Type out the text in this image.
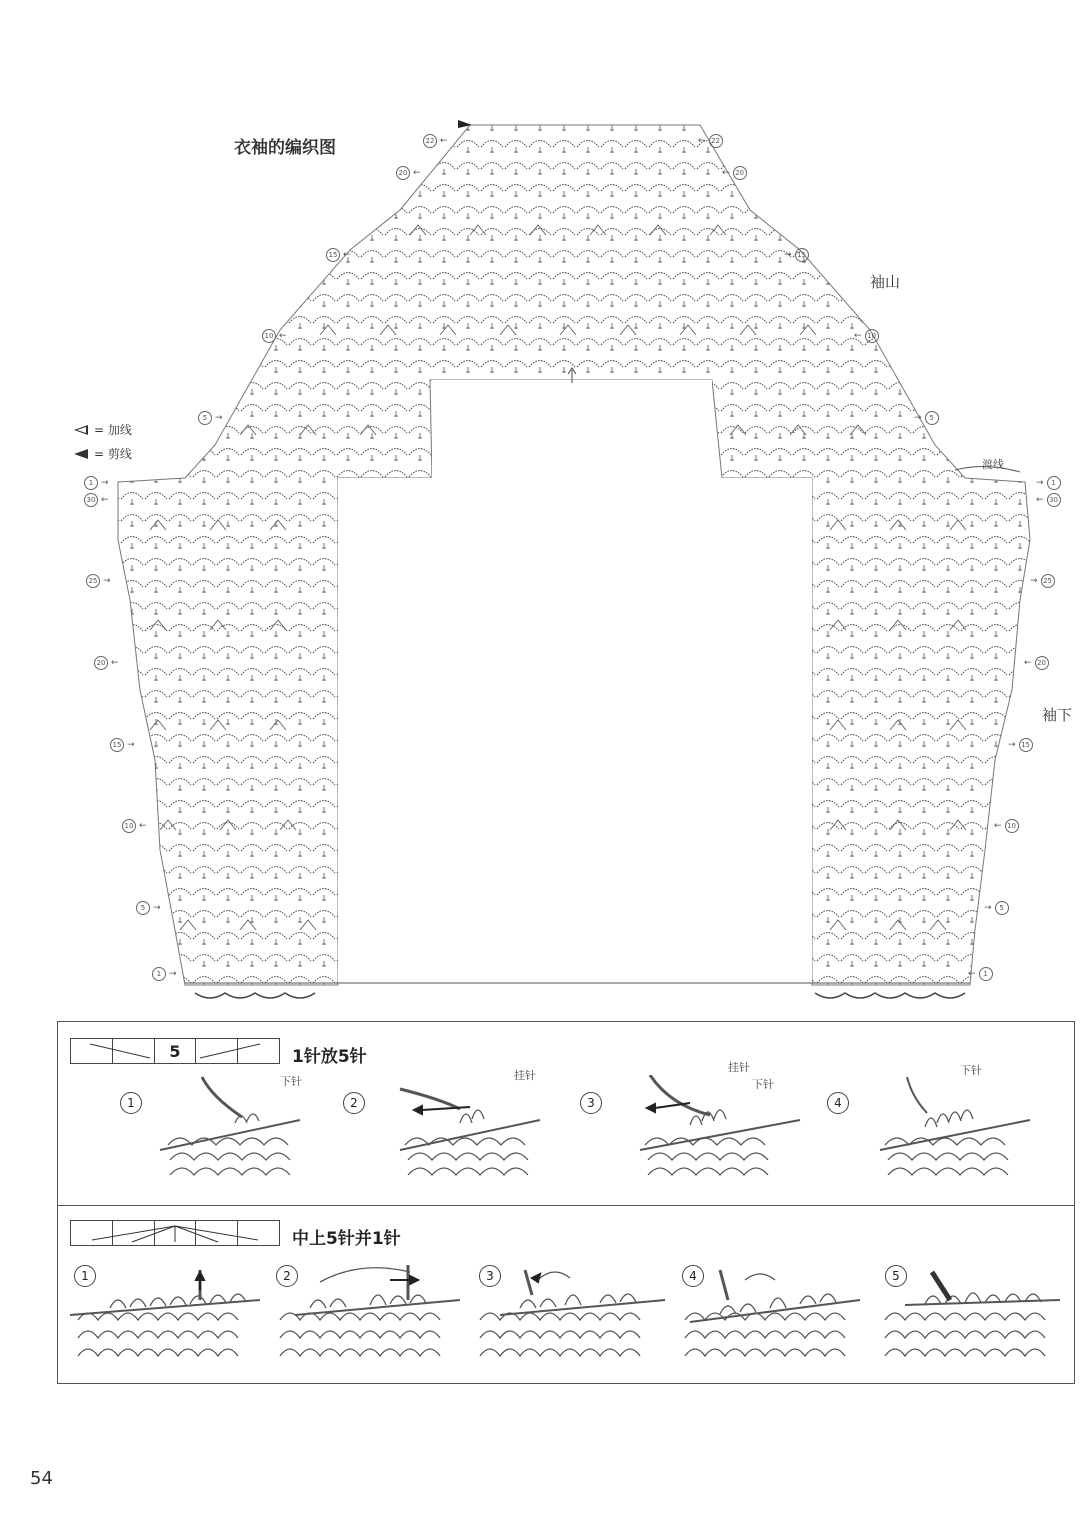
衣袖的编织图
袖山
袖下
渡线
= 加线
= 剪线
22 ←
20 ←
15 ←
10 ←
5 →
1 →
30 ←
25 →
20 ←
15 →
10 ←
5 →
1 →
← 22
← 20
→ 15
← 10
→	5
→	1
← 30
→ 25
← 20
→ 15
← 10
→	5
←	1
5	1针放5针
1	2	3	4
下针	挂针
挂针
下针
下针
中上5针并1针
1	2	3	4	5
54
